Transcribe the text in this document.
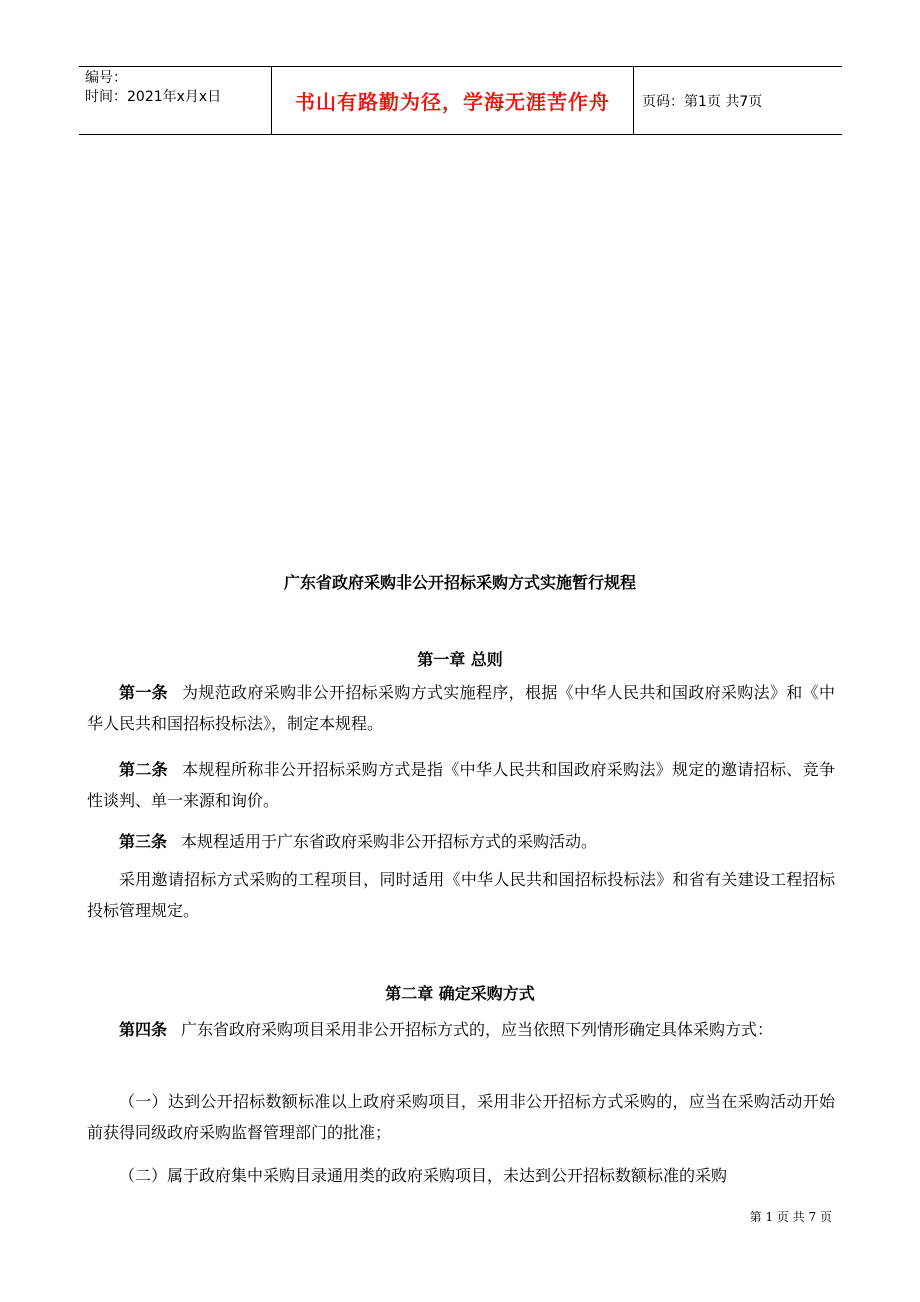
编号：
时间：2021年x月x日	书山有路勤为径，学海无涯苦作舟	页码：第1页 共7页
广东省政府采购非公开招标采购方式实施暂行规程
第一章 总则
第一条 为规范政府采购非公开招标采购方式实施程序，根据《中华人民共和国政府采购法》和《中华人民共和国招标投标法》，制定本规程。
第二条 本规程所称非公开招标采购方式是指《中华人民共和国政府采购法》规定的邀请招标、竞争性谈判、单一来源和询价。
第三条 本规程适用于广东省政府采购非公开招标方式的采购活动。
采用邀请招标方式采购的工程项目，同时适用《中华人民共和国招标投标法》和省有关建设工程招标投标管理规定。
第二章 确定采购方式
第四条 广东省政府采购项目采用非公开招标方式的，应当依照下列情形确定具体采购方式：
（一）达到公开招标数额标准以上政府采购项目，采用非公开招标方式采购的，应当在采购活动开始前获得同级政府采购监督管理部门的批准；
（二）属于政府集中采购目录通用类的政府采购项目，未达到公开招标数额标准的采购
第 1 页 共 7 页
